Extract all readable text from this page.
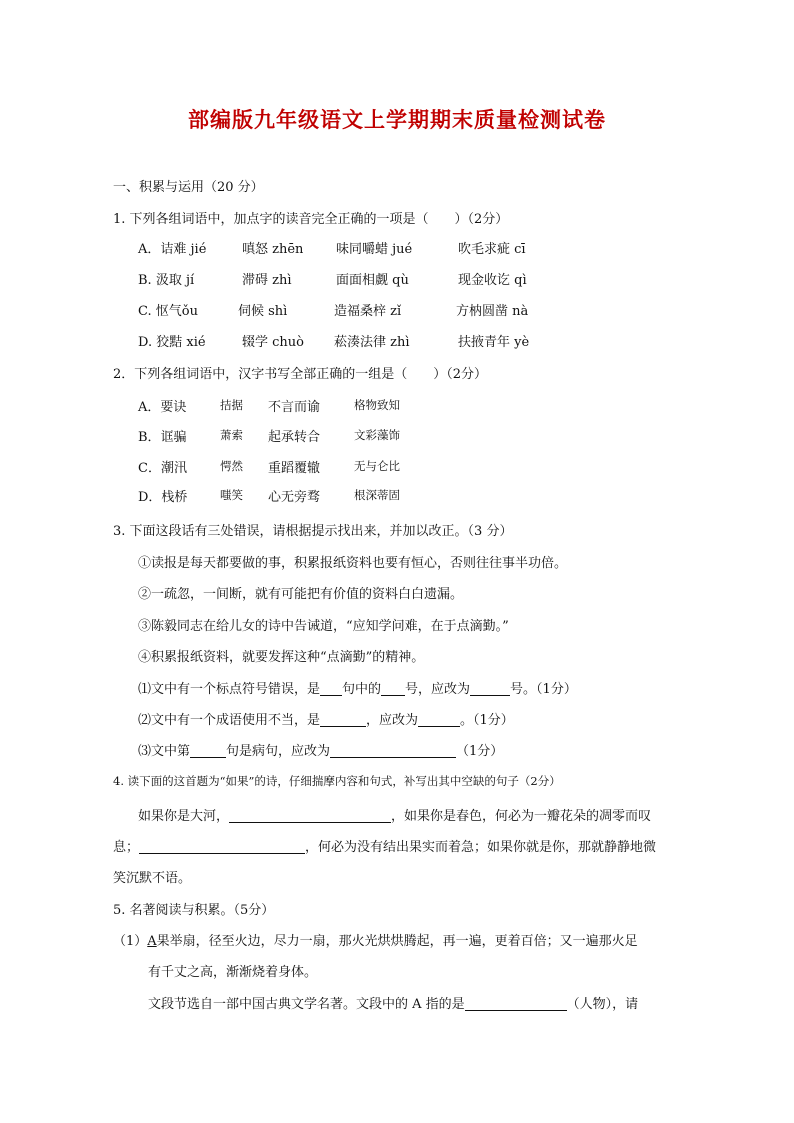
部编版九年级语文上学期期末质量检测试卷
一、积累与运用（20 分）
1. 下列各组词语中，加点字的读音完全正确的一项是（　　）（2分）
A．诘难 jié	嗔怒 zhēn	味同嚼蜡 jué	吹毛求疵 cī
B. 汲取 jí	滞碍 zhì	面面相觑 qù	现金收讫 qì
C. 怄气ǒu	伺候 shì	造福桑梓 zǐ	方枘圆凿 nà
D. 狡黠 xié	辍学 chuò 菘湊法律 zhì	扶掖青年 yè
2．下列各组词语中，汉字书写全部正确的一组是（　　）（2分）
A．要诀	拮据 不言而谕	格物致知
B．诓骗	萧索 起承转合	文彩藻饰
C．潮汛	愕然 重蹈覆辙	无与仑比
D．栈桥	嗤笑 心无旁骛	根深蒂固
3. 下面这段话有三处错误，请根据提示找出来，并加以改正。（3 分）
①读报是每天都要做的事，积累报纸资料也要有恒心，否则往往事半功倍。
②一疏忽，一间断，就有可能把有价值的资料白白遗漏。
③陈毅同志在给儿女的诗中告诫道，“应知学问难，在于点滴勤。”
④积累报纸资料，就要发挥这种“点滴勤”的精神。
⑴文中有一个标点符号错误，是 句中的 号，应改为	号。（1分）
⑵文中有一个成语使用不当，是	，应改为	。（1分）
⑶文中第	句是病句，应改为	（1分）
4. 读下面的这首题为“如果”的诗，仔细揣摩内容和句式，补写出其中空缺的句子（2分）
如果你是大河，	，如果你是春色，何必为一瓣花朵的凋零而叹
息；	，何必为没有结出果实而着急；如果你就是你，那就静静地微
笑沉默不语。
5. 名著阅读与积累。（5分）
（1）A果举扇，径至火边，尽力一扇，那火光烘烘腾起，再一遍，更着百倍；又一遍那火足
有千丈之高，渐渐烧着身体。
文段节选自一部中国古典文学名著。文段中的 A 指的是	（人物），请
